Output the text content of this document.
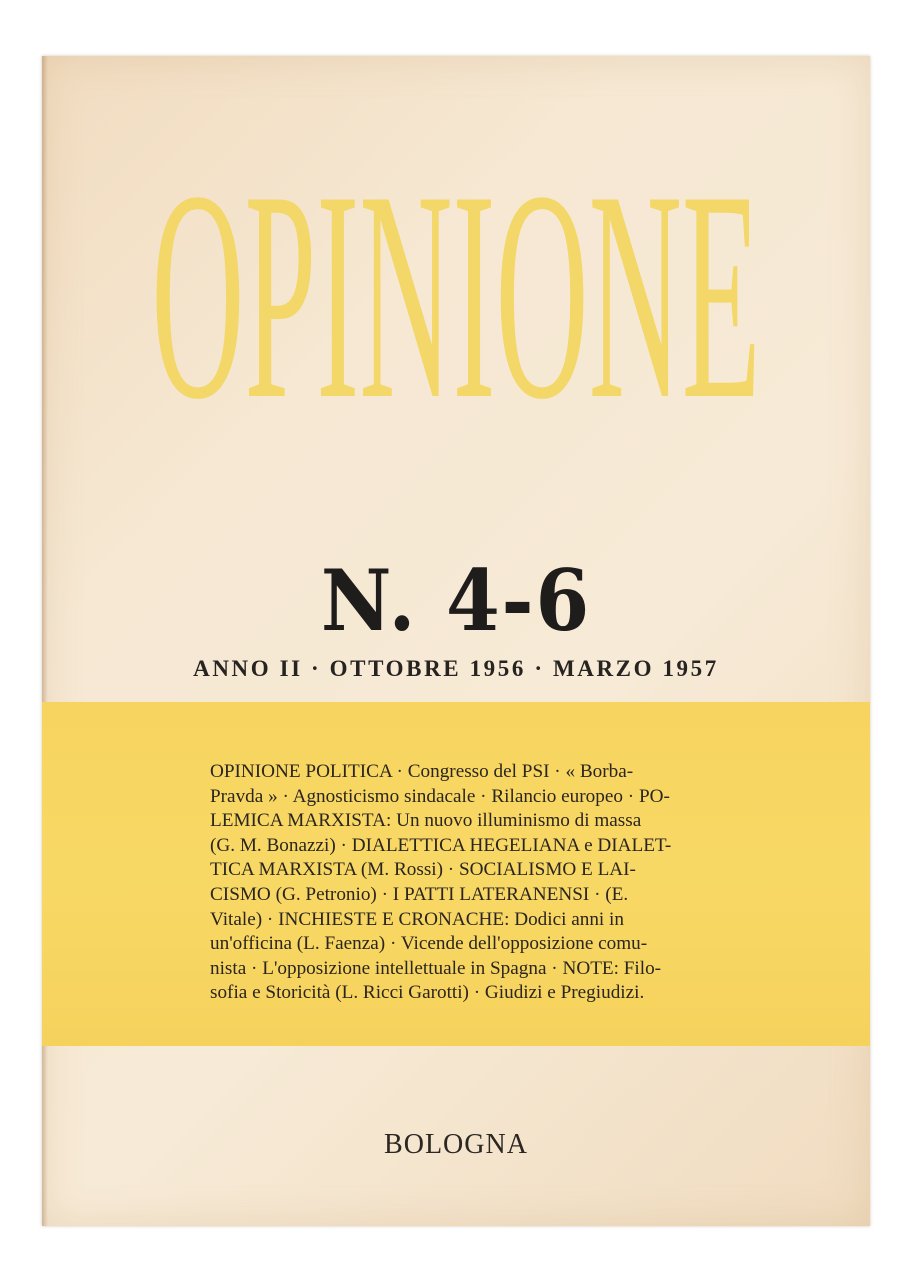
OPINIONE
N. 4-6
ANNO II · OTTOBRE 1956 · MARZO 1957
OPINIONE POLITICA · Congresso del PSI · « Borba-
Pravda » · Agnosticismo sindacale · Rilancio europeo · PO-
LEMICA MARXISTA: Un nuovo illuminismo di massa
(G. M. Bonazzi) · DIALETTICA HEGELIANA e DIALET-
TICA MARXISTA (M. Rossi) · SOCIALISMO E LAI-
CISMO (G. Petronio) · I PATTI LATERANENSI · (E.
Vitale) · INCHIESTE E CRONACHE: Dodici anni in
un'officina (L. Faenza) · Vicende dell'opposizione comu-
nista · L'opposizione intellettuale in Spagna · NOTE: Filo-
sofia e Storicità (L. Ricci Garotti) · Giudizi e Pregiudizi.
BOLOGNA
